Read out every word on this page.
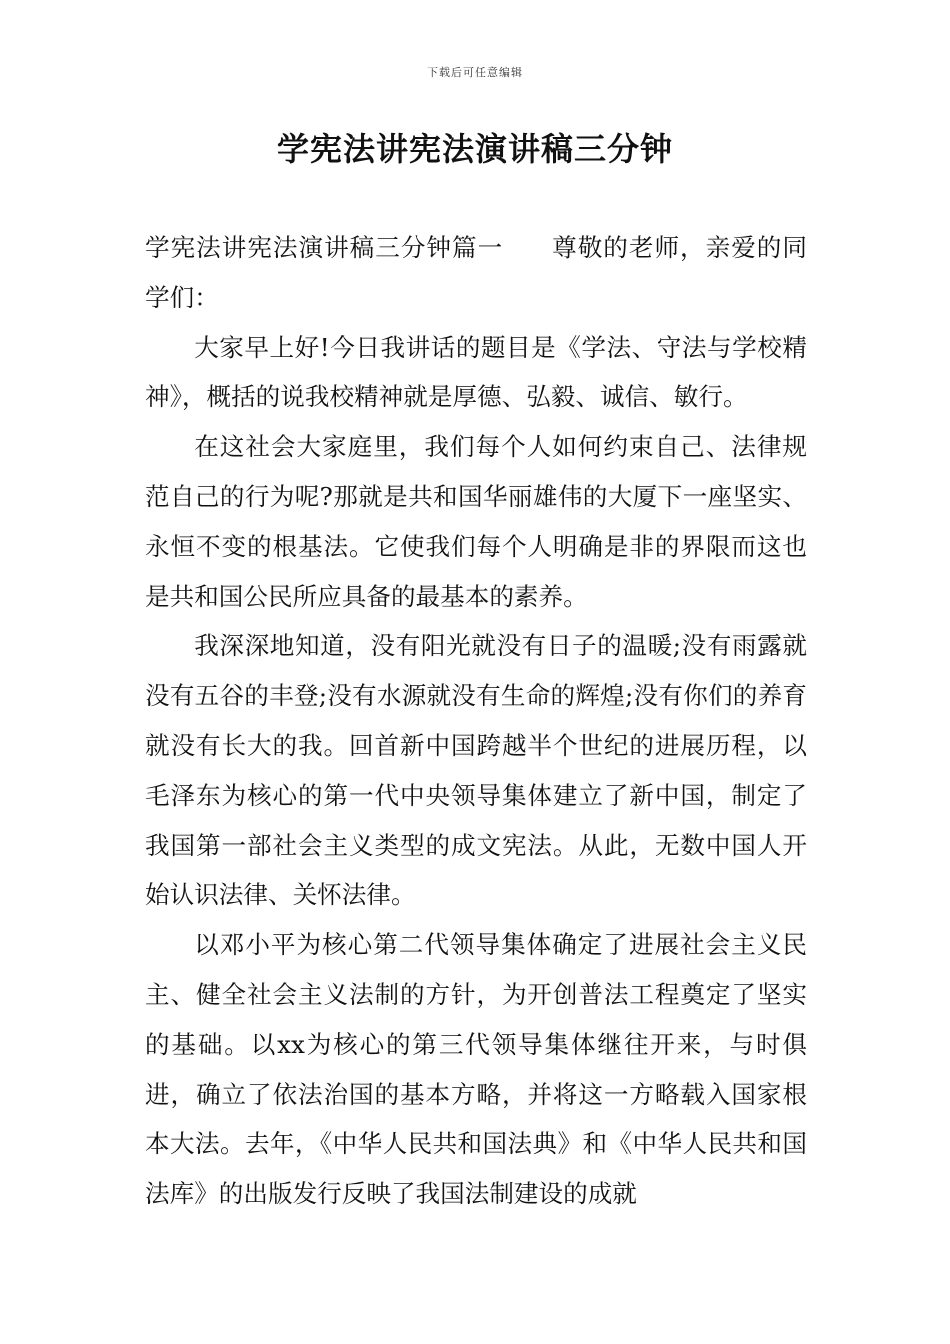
下载后可任意编辑
学宪法讲宪法演讲稿三分钟

学宪法讲宪法演讲稿三分钟篇一 尊敬的老师，亲爱的同学们：

大家早上好!今日我讲话的题目是《学法、守法与学校精神》，概括的说我校精神就是厚德、弘毅、诚信、敏行。

在这社会大家庭里，我们每个人如何约束自己、法律规范自己的行为呢?那就是共和国华丽雄伟的大厦下一座坚实、永恒不变的根基法。它使我们每个人明确是非的界限而这也是共和国公民所应具备的最基本的素养。

我深深地知道，没有阳光就没有日子的温暖;没有雨露就没有五谷的丰登;没有水源就没有生命的辉煌;没有你们的养育就没有长大的我。回首新中国跨越半个世纪的进展历程，以毛泽东为核心的第一代中央领导集体建立了新中国，制定了我国第一部社会主义类型的成文宪法。从此，无数中国人开始认识法律、关怀法律。

以邓小平为核心第二代领导集体确定了进展社会主义民主、健全社会主义法制的方针，为开创普法工程奠定了坚实的基础。以xx为核心的第三代领导集体继往开来，与时俱进，确立了依法治国的基本方略，并将这一方略载入国家根本大法。去年，《中华人民共和国法典》和《中华人民共和国法库》的出版发行反映了我国法制建设的成就
